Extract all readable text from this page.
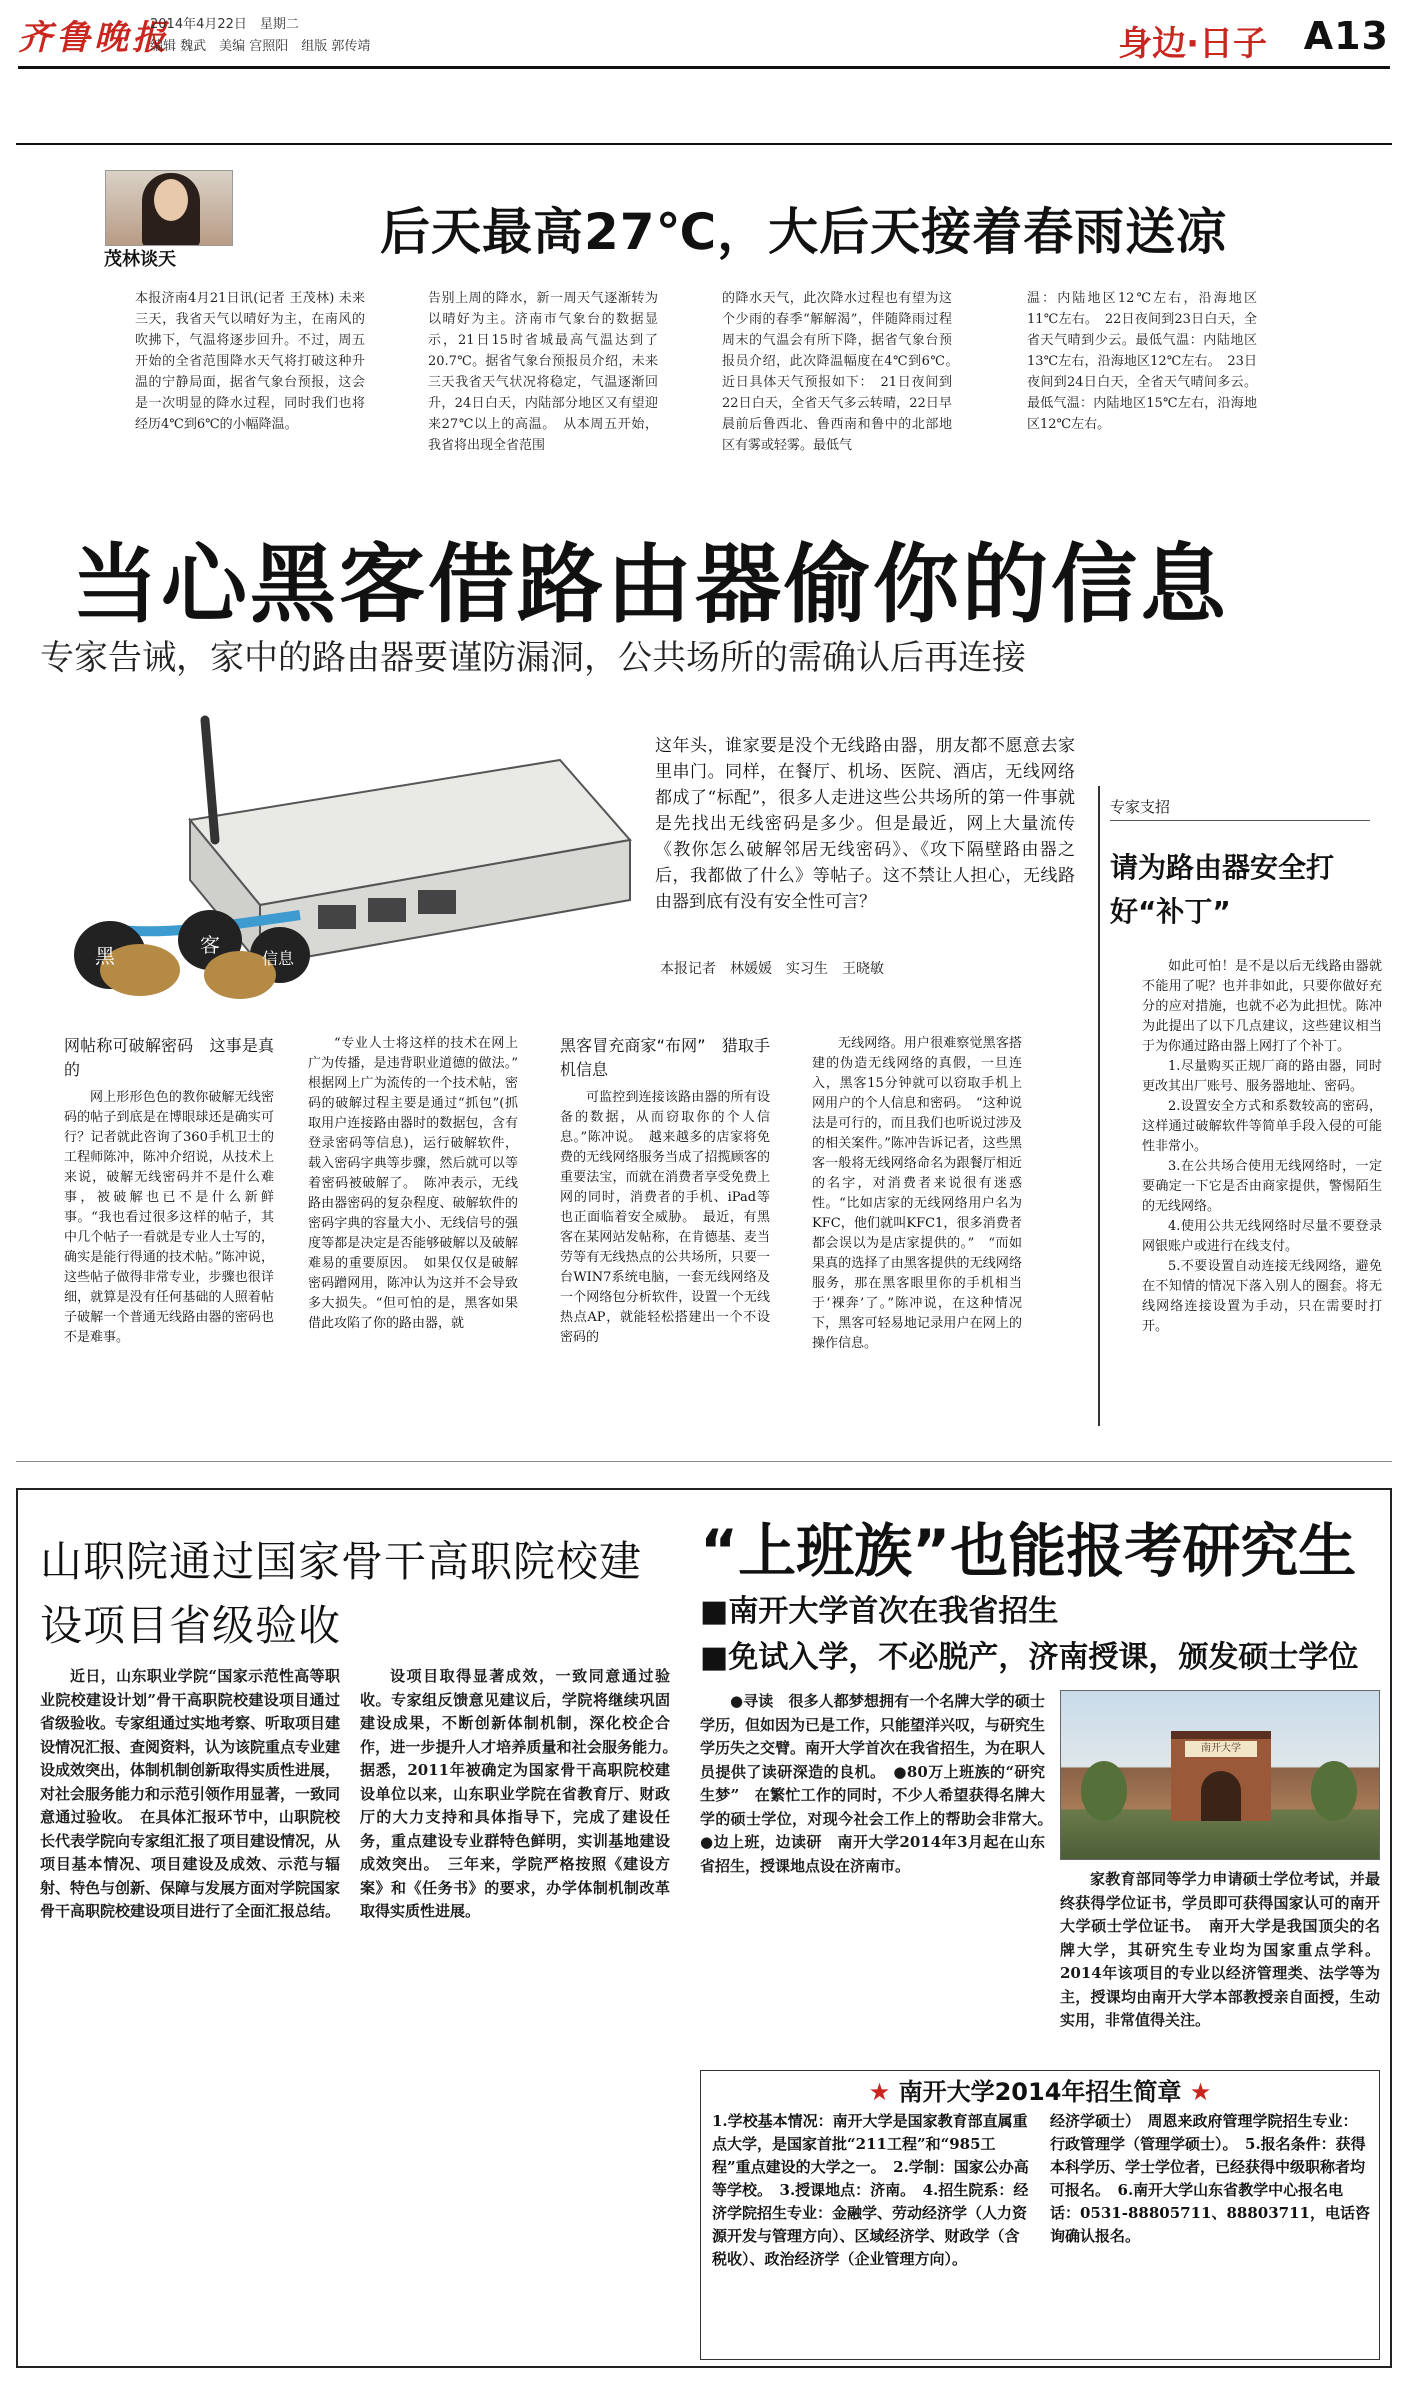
齐鲁晚报
2014年4月22日　星期二
编辑 魏武　美编 宫照阳　组版 郭传靖	身边·日子 A13
茂林谈天	后天最高27℃，大后天接着春雨送凉
本报济南4月21日讯(记者 王茂林) 未来三天，我省天气以晴好为主，在南风的吹拂下，气温将逐步回升。不过，周五开始的全省范围降水天气将打破这种升温的宁静局面，据省气象台预报，这会是一次明显的降水过程，同时我们也将经历4℃到6℃的小幅降温。
告别上周的降水，新一周天气逐渐转为以晴好为主。济南市气象台的数据显示，21日15时省城最高气温达到了20.7℃。据省气象台预报员介绍，未来三天我省天气状况将稳定，气温逐渐回升，24日白天，内陆部分地区又有望迎来27℃以上的高温。　从本周五开始，我省将出现全省范围
的降水天气，此次降水过程也有望为这个少雨的春季“解解渴”，伴随降雨过程周末的气温会有所下降，据省气象台预报员介绍，此次降温幅度在4℃到6℃。　近日具体天气预报如下：　21日夜间到22日白天，全省天气多云转晴，22日早晨前后鲁西北、鲁西南和鲁中的北部地区有雾或轻雾。最低气
温：内陆地区12℃左右，沿海地区11℃左右。　22日夜间到23日白天，全省天气晴到少云。最低气温：内陆地区13℃左右，沿海地区12℃左右。　23日夜间到24日白天，全省天气晴间多云。最低气温：内陆地区15℃左右，沿海地区12℃左右。
当心黑客借路由器偷你的信息
专家告诫，家中的路由器要谨防漏洞，公共场所的需确认后再连接
黑	客
信息
这年头，谁家要是没个无线路由器，朋友都不愿意去家里串门。同样，在餐厅、机场、医院、酒店，无线网络都成了“标配”，很多人走进这些公共场所的第一件事就是先找出无线密码是多少。但是最近，网上大量流传《教你怎么破解邻居无线密码》、《攻下隔壁路由器之后，我都做了什么》等帖子。这不禁让人担心，无线路由器到底有没有安全性可言？
本报记者　林媛媛　实习生　王晓敏
网帖称可破解密码　这事是真的

网上形形色色的教你破解无线密码的帖子到底是在博眼球还是确实可行？记者就此咨询了360手机卫士的工程师陈冲，陈冲介绍说，从技术上来说，破解无线密码并不是什么难事，被破解也已不是什么新鲜事。“我也看过很多这样的帖子，其中几个帖子一看就是专业人士写的，确实是能行得通的技术帖。”陈冲说，这些帖子做得非常专业，步骤也很详细，就算是没有任何基础的人照着帖子破解一个普通无线路由器的密码也不是难事。

“专业人士将这样的技术在网上广为传播，是违背职业道德的做法。”　根据网上广为流传的一个技术帖，密码的破解过程主要是通过“抓包”(抓取用户连接路由器时的数据包，含有登录密码等信息)，运行破解软件，载入密码字典等步骤，然后就可以等着密码被破解了。　陈冲表示，无线路由器密码的复杂程度、破解软件的密码字典的容量大小、无线信号的强度等都是决定是否能够破解以及破解难易的重要原因。　如果仅仅是破解密码蹭网用，陈冲认为这并不会导致多大损失。“但可怕的是，黑客如果借此攻陷了你的路由器，就

黑客冒充商家“布网”　猎取手机信息

可监控到连接该路由器的所有设备的数据，从而窃取你的个人信息。”陈冲说。　越来越多的店家将免费的无线网络服务当成了招揽顾客的重要法宝，而就在消费者享受免费上网的同时，消费者的手机、iPad等也正面临着安全威胁。　最近，有黑客在某网站发帖称，在肯德基、麦当劳等有无线热点的公共场所，只要一台WIN7系统电脑，一套无线网络及一个网络包分析软件，设置一个无线热点AP，就能轻松搭建出一个不设密码的

无线网络。用户很难察觉黑客搭建的伪造无线网络的真假，一旦连入，黑客15分钟就可以窃取手机上网用户的个人信息和密码。　“这种说法是可行的，而且我们也听说过涉及的相关案件。”陈冲告诉记者，这些黑客一般将无线网络命名为跟餐厅相近的名字，对消费者来说很有迷惑性。“比如店家的无线网络用户名为KFC，他们就叫KFC1，很多消费者都会误以为是店家提供的。”　“而如果真的选择了由黑客提供的无线网络服务，那在黑客眼里你的手机相当于‘裸奔’了。”陈冲说，在这种情况下，黑客可轻易地记录用户在网上的操作信息。

专家支招
请为路由器安全打好“补丁”

如此可怕！是不是以后无线路由器就不能用了呢？也并非如此，只要你做好充分的应对措施，也就不必为此担忧。陈冲为此提出了以下几点建议，这些建议相当于为你通过路由器上网打了个补丁。

1.尽量购买正规厂商的路由器，同时更改其出厂账号、服务器地址、密码。

2.设置安全方式和系数较高的密码，这样通过破解软件等简单手段入侵的可能性非常小。

3.在公共场合使用无线网络时，一定要确定一下它是否由商家提供，警惕陌生的无线网络。

4.使用公共无线网络时尽量不要登录网银账户或进行在线支付。

5.不要设置自动连接无线网络，避免在不知情的情况下落入别人的圈套。将无线网络连接设置为手动，只在需要时打开。

山职院通过国家骨干高职院校建设项目省级验收

近日，山东职业学院“国家示范性高等职业院校建设计划”骨干高职院校建设项目通过省级验收。专家组通过实地考察、听取项目建设情况汇报、查阅资料，认为该院重点专业建设成效突出，体制机制创新取得实质性进展，对社会服务能力和示范引领作用显著，一致同意通过验收。　在具体汇报环节中，山职院校长代表学院向专家组汇报了项目建设情况，从项目基本情况、项目建设及成效、示范与辐射、特色与创新、保障与发展方面对学院国家骨干高职院校建设项目进行了全面汇报总结。

设项目取得显著成效，一致同意通过验收。专家组反馈意见建议后，学院将继续巩固建设成果，不断创新体制机制，深化校企合作，进一步提升人才培养质量和社会服务能力。　据悉，2011年被确定为国家骨干高职院校建设单位以来，山东职业学院在省教育厅、财政厅的大力支持和具体指导下，完成了建设任务，重点建设专业群特色鲜明，实训基地建设成效突出。　三年来，学院严格按照《建设方案》和《任务书》的要求，办学体制机制改革取得实质性进展。

“上班族”也能报考研究生
■南开大学首次在我省招生
■免试入学，不必脱产，济南授课，颁发硕士学位

●寻读　很多人都梦想拥有一个名牌大学的硕士学历，但如因为已是工作，只能望洋兴叹，与研究生学历失之交臂。南开大学首次在我省招生，为在职人员提供了读研深造的良机。　●80万上班族的“研究生梦”　在繁忙工作的同时，不少人希望获得名牌大学的硕士学位，对现今社会工作上的帮助会非常大。　●边上班，边读研　南开大学2014年3月起在山东省招生，授课地点设在济南市。

南开大学

家教育部同等学力申请硕士学位考试，并最终获得学位证书，学员即可获得国家认可的南开大学硕士学位证书。　南开大学是我国顶尖的名牌大学，其研究生专业均为国家重点学科。2014年该项目的专业以经济管理类、法学等为主，授课均由南开大学本部教授亲自面授，生动实用，非常值得关注。

★ 南开大学2014年招生简章 ★
1.学校基本情况：南开大学是国家教育部直属重点大学，是国家首批“211工程”和“985工程”重点建设的大学之一。　2.学制：国家公办高等学校。　3.授课地点：济南。　4.招生院系：经济学院招生专业：金融学、劳动经济学（人力资源开发与管理方向）、区域经济学、财政学（含税收）、政治经济学（企业管理方向）。
经济学硕士）　周恩来政府管理学院招生专业：行政管理学（管理学硕士）。　5.报名条件：获得本科学历、学士学位者，已经获得中级职称者均可报名。　6.南开大学山东省教学中心报名电话：0531-88805711、88803711，电话咨询确认报名。
